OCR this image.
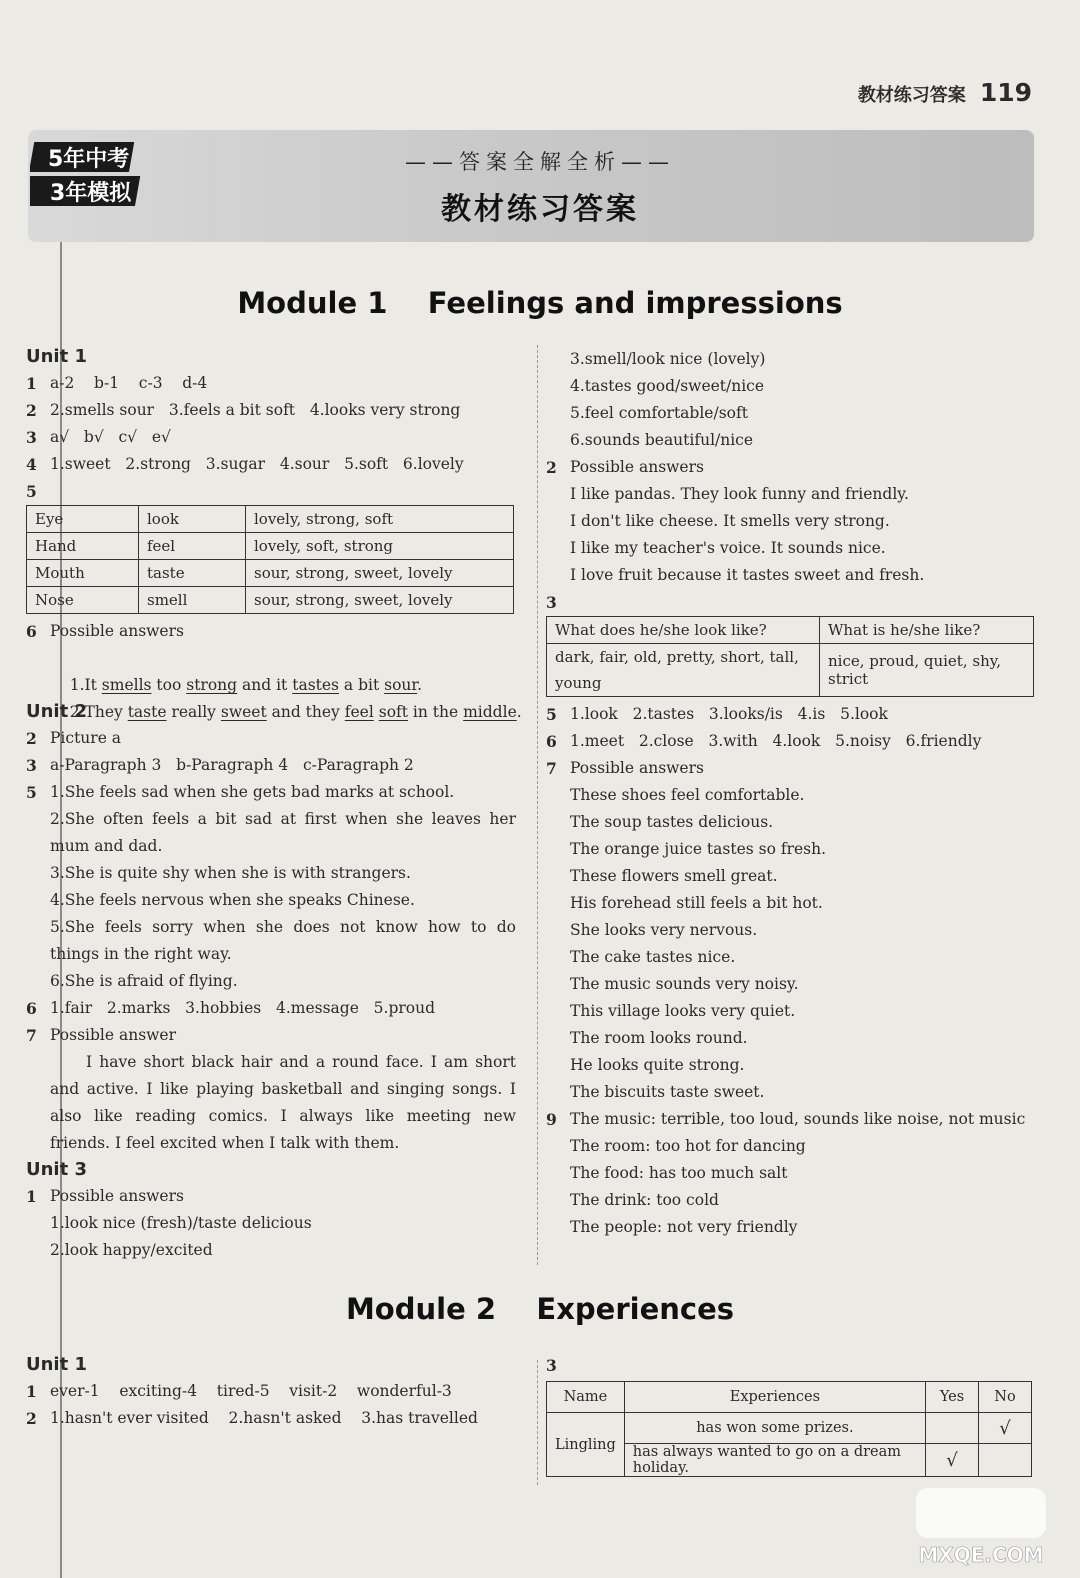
教材练习答案 119
5年中考
3年模拟
——答案全解全析——
教材练习答案
Module 1    Feelings and impressions
Unit 1
1 a-2    b-1    c-3    d-4
2 2.smells sour   3.feels a bit soft   4.looks very strong
3 a√   b√   c√   e√
4 1.sweet   2.strong   3.sugar   4.sour   5.soft   6.lovely
5
Eye	look	lovely, strong, soft
Hand	feel	lovely, soft, strong
Mouth	taste	sour, strong, sweet, lovely
Nose	smell	sour, strong, sweet, lovely
6 Possible answers

1.It smells too strong and it tastes a bit sour.

2.They taste really sweet and they feel soft in the middle.

Unit 2
2 Picture a
3 a-Paragraph 3   b-Paragraph 4   c-Paragraph 2
5 1.She feels sad when she gets bad marks at school.
2.She often feels a bit sad at first when she leaves her mum and dad.
3.She is quite shy when she is with strangers.
4.She feels nervous when she speaks Chinese.
5.She feels sorry when she does not know how to do things in the right way.
6.She is afraid of flying.
6 1.fair   2.marks   3.hobbies   4.message   5.proud
7 Possible answer
I have short black hair and a round face. I am short and active. I like playing basketball and singing songs. I also like reading comics. I always like meeting new friends. I feel excited when I talk with them.
Unit 3
1 Possible answers
1.look nice (fresh)/taste delicious
2.look happy/excited
3.smell/look nice (lovely)
4.tastes good/sweet/nice
5.feel comfortable/soft
6.sounds beautiful/nice
2 Possible answers
I like pandas. They look funny and friendly.
I don't like cheese. It smells very strong.
I like my teacher's voice. It sounds nice.
I love fruit because it tastes sweet and fresh.
3
What does he/she look like?	What is he/she like?
dark, fair, old, pretty, short, tall, young	nice, proud, quiet, shy, strict
5 1.look   2.tastes   3.looks/is   4.is   5.look
6 1.meet   2.close   3.with   4.look   5.noisy   6.friendly
7 Possible answers
These shoes feel comfortable.
The soup tastes delicious.
The orange juice tastes so fresh.
These flowers smell great.
His forehead still feels a bit hot.
She looks very nervous.
The cake tastes nice.
The music sounds very noisy.
This village looks very quiet.
The room looks round.
He looks quite strong.
The biscuits taste sweet.
9 The music: terrible, too loud, sounds like noise, not music
The room: too hot for dancing
The food: has too much salt
The drink: too cold
The people: not very friendly
Module 2    Experiences
Unit 1
1 ever-1    exciting-4    tired-5    visit-2    wonderful-3
2 1.hasn't ever visited    2.hasn't asked    3.has travelled
3
Name	Experiences	Yes	No
Lingling	has won some prizes.		√
	has always wanted to go on a dream holiday.	√	
MXQE.COM
